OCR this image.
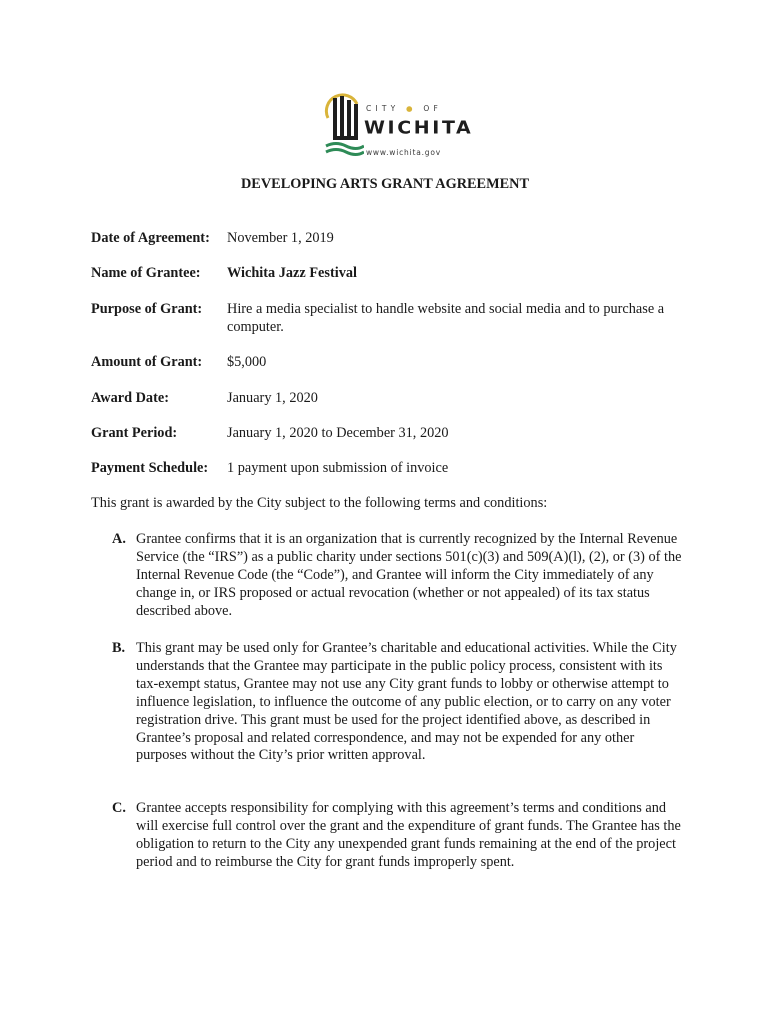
CITY ● OF
WICHITA
www.wichita.gov
DEVELOPING ARTS GRANT AGREEMENT
Date of Agreement: November 1, 2019
Name of Grantee: Wichita Jazz Festival
Purpose of Grant: Hire a media specialist to handle website and social media and to purchase a computer.
Amount of Grant: $5,000
Award Date:	January 1, 2020
Grant Period:	January 1, 2020 to December 31, 2020
Payment Schedule: 1 payment upon submission of invoice
This grant is awarded by the City subject to the following terms and conditions:
A. Grantee confirms that it is an organization that is currently recognized by the Internal Revenue Service (the “IRS”) as a public charity under sections 501(c)(3) and 509(A)(l), (2), or (3) of the Internal Revenue Code (the “Code”), and Grantee will inform the City immediately of any change in, or IRS proposed or actual revocation (whether or not appealed) of its tax status described above.
B. This grant may be used only for Grantee’s charitable and educational activities. While the City understands that the Grantee may participate in the public policy process, consistent with its tax-exempt status, Grantee may not use any City grant funds to lobby or otherwise attempt to influence legislation, to influence the outcome of any public election, or to carry on any voter registration drive. This grant must be used for the project identified above, as described in Grantee’s proposal and related correspondence, and may not be expended for any other purposes without the City’s prior written approval.
C. Grantee accepts responsibility for complying with this agreement’s terms and conditions and will exercise full control over the grant and the expenditure of grant funds. The Grantee has the obligation to return to the City any unexpended grant funds remaining at the end of the project period and to reimburse the City for grant funds improperly spent.
